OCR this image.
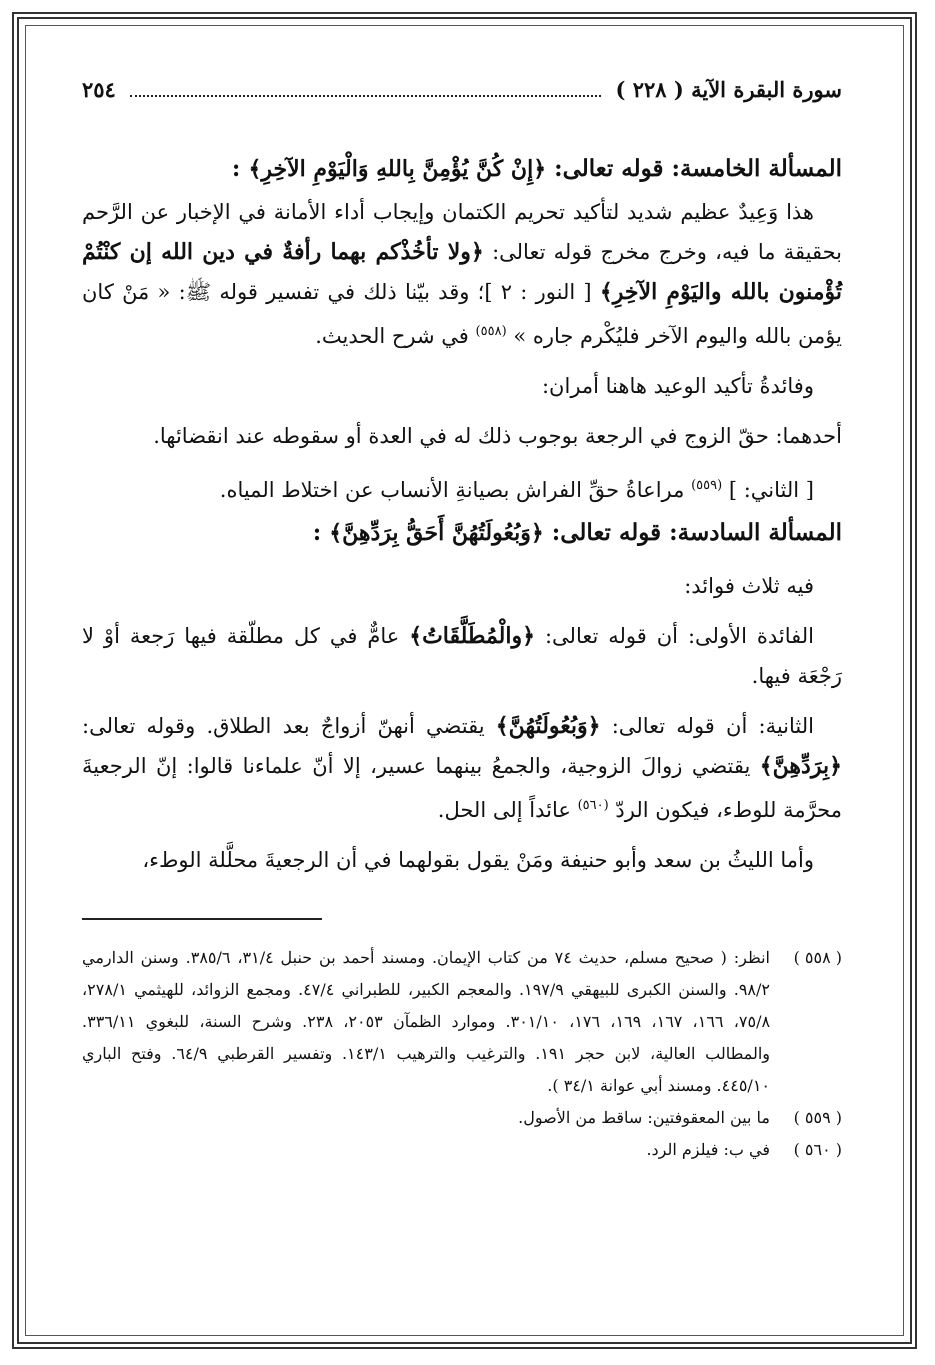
سورة البقرة الآية ( ٢٢٨ )
٢٥٤
المسألة الخامسة: قوله تعالى: ﴿إِنْ كُنَّ يُؤْمِنَّ بِاللهِ وَالْيَوْمِ الآخِرِ﴾ :

هذا وَعِيدٌ عظيم شديد لتأكيد تحريم الكتمان وإيجاب أداء الأمانة في الإخبار عن الرَّحم بحقيقة ما فيه، وخرج مخرج قوله تعالى: ﴿ولا تأخُذْكم بهما رأفةٌ في دين الله إن كنْتُمْ تُؤْمنون بالله واليَوْمِ الآخِرِ﴾ [ النور : ٢ ]؛ وقد بيّنا ذلك في تفسير قوله ﷺ: « مَنْ كان يؤمن بالله واليوم الآخر فليُكْرم جاره » $^{(٥٥٨)}$ في شرح الحديث.

وفائدةُ تأكيد الوعيد هاهنا أمران:

أحدهما: حقّ الزوج في الرجعة بوجوب ذلك له في العدة أو سقوطه عند انقضائها.

[ الثاني: ] $^{(٥٥٩)}$ مراعاةُ حقِّ الفراش بصيانةِ الأنساب عن اختلاط المياه.

المسألة السادسة: قوله تعالى: ﴿وَبُعُولَتُهُنَّ أَحَقُّ بِرَدِّهِنَّ﴾ :

فيه ثلاث فوائد:

الفائدة الأولى: أن قوله تعالى: ﴿والْمُطَلَّقَاتُ﴾ عامٌّ في كل مطلّقة فيها رَجعة أوْ لا رَجْعَة فيها.

الثانية: أن قوله تعالى: ﴿وَبُعُولَتُهُنَّ﴾ يقتضي أنهنّ أزواجٌ بعد الطلاق. وقوله تعالى: ﴿بِرَدِّهِنَّ﴾ يقتضي زوالَ الزوجية، والجمعُ بينهما عسير، إلا أنّ علماءنا قالوا: إنّ الرجعيةَ محرَّمة للوطء، فيكون الردّ $^{(٥٦٠)}$ عائداً إلى الحل.

وأما الليثُ بن سعد وأبو حنيفة ومَنْ يقول بقولهما في أن الرجعيةَ محلَّلة الوطء،

( ٥٥٨ )
انظر: ( صحيح مسلم، حديث ٧٤ من كتاب الإيمان. ومسند أحمد بن حنبل ٣١/٤، ٣٨٥/٦. وسنن الدارمي ٩٨/٢. والسنن الكبرى للبيهقي ١٩٧/٩. والمعجم الكبير، للطبراني ٤٧/٤. ومجمع الزوائد، للهيثمي ٢٧٨/١، ٧٥/٨، ١٦٦، ١٦٧، ١٦٩، ١٧٦، ٣٠١/١٠. وموارد الظمآن ٢٠٥٣، ٢٣٨. وشرح السنة، للبغوي ٣٣٦/١١. والمطالب العالية، لابن حجر ١٩١. والترغيب والترهيب ١٤٣/١. وتفسير القرطبي ٦٤/٩. وفتح الباري ٤٤٥/١٠. ومسند أبي عوانة ٣٤/١ ).
( ٥٥٩ )
ما بين المعقوفتين: ساقط من الأصول.
( ٥٦٠ )
في ب: فيلزم الرد.
